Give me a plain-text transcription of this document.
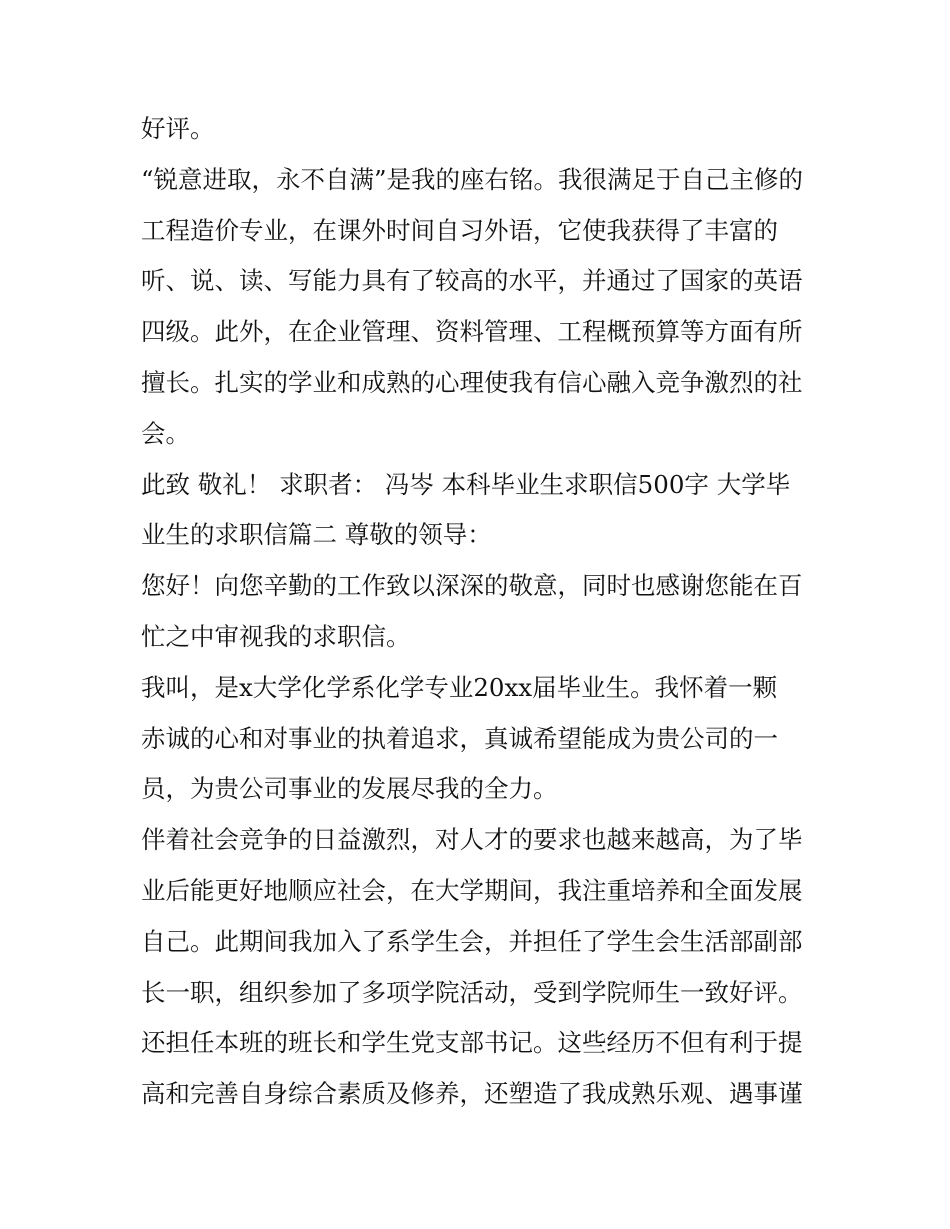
好评。
“锐意进取，永不自满”是我的座右铭。我很满足于自己主修的
工程造价专业，在课外时间自习外语，它使我获得了丰富的
听、说、读、写能力具有了较高的水平，并通过了国家的英语
四级。此外，在企业管理、资料管理、工程概预算等方面有所
擅长。扎实的学业和成熟的心理使我有信心融入竞争激烈的社
会。
此致 敬礼！ 求职者： 冯岑 本科毕业生求职信500字 大学毕
业生的求职信篇二 尊敬的领导：
您好！向您辛勤的工作致以深深的敬意，同时也感谢您能在百
忙之中审视我的求职信。
我叫，是x大学化学系化学专业20xx届毕业生。我怀着一颗
赤诚的心和对事业的执着追求，真诚希望能成为贵公司的一
员，为贵公司事业的发展尽我的全力。
伴着社会竞争的日益激烈，对人才的要求也越来越高，为了毕
业后能更好地顺应社会，在大学期间，我注重培养和全面发展
自己。此期间我加入了系学生会，并担任了学生会生活部副部
长一职，组织参加了多项学院活动，受到学院师生一致好评。
还担任本班的班长和学生党支部书记。这些经历不但有利于提
高和完善自身综合素质及修养，还塑造了我成熟乐观、遇事谨
